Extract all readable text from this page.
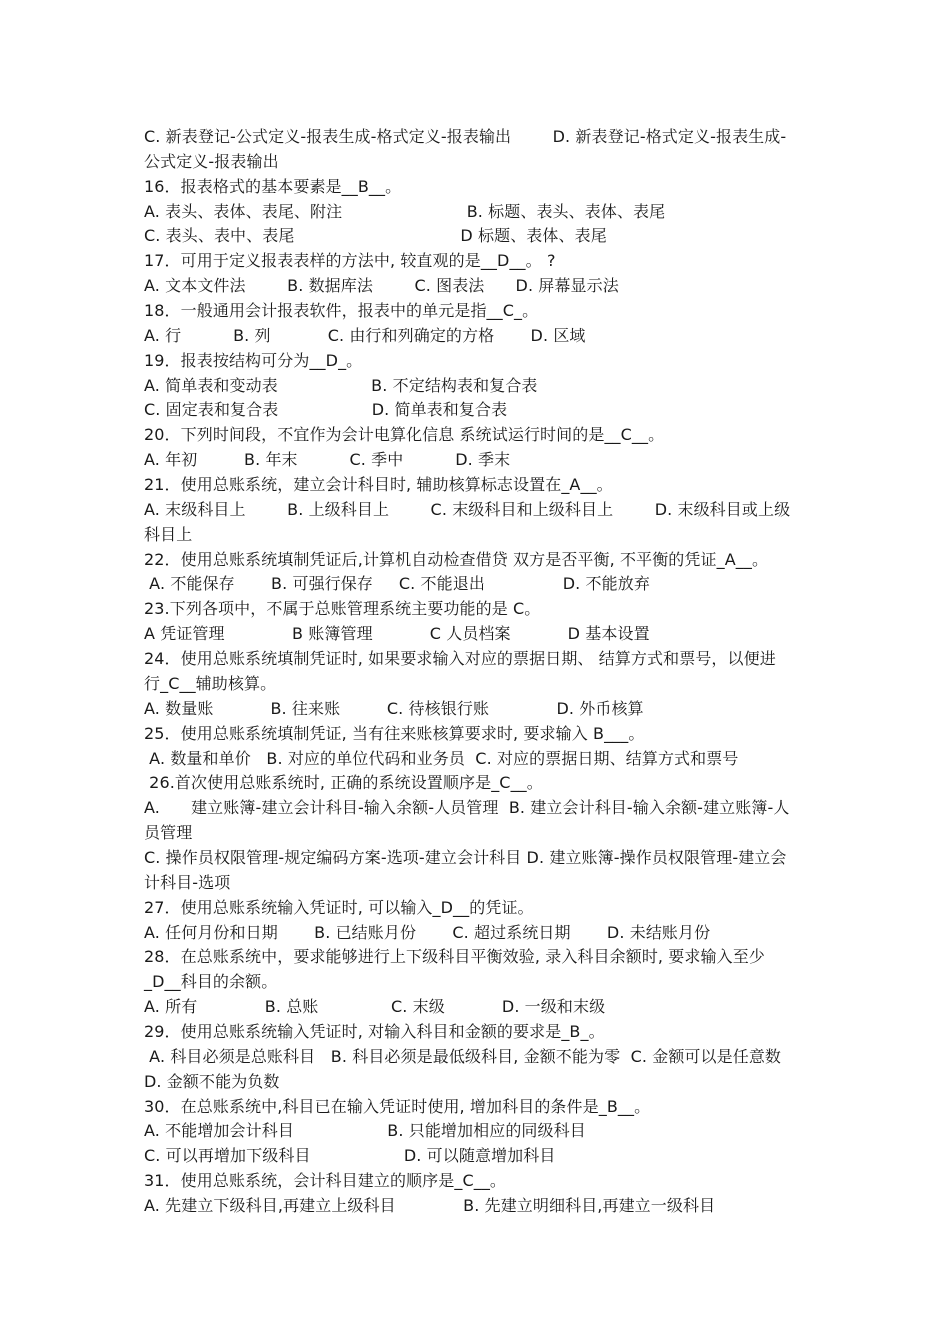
C. 新表登记-公式定义-报表生成-格式定义-报表输出        D. 新表登记-格式定义-报表生成-
公式定义-报表输出
16．报表格式的基本要素是__B__。
A. 表头、表体、表尾、附注                        B. 标题、表头、表体、表尾
C. 表头、表中、表尾                                D 标题、表体、表尾
17．可用于定义报表表样的方法中, 较直观的是__D__。 ?
A. 文本文件法        B. 数据库法        C. 图表法      D. 屏幕显示法
18．一般通用会计报表软件，报表中的单元是指__C_。
A. 行          B. 列           C. 由行和列确定的方格       D. 区域
19．报表按结构可分为__D_。
A. 简单表和变动表                  B. 不定结构表和复合表
C. 固定表和复合表                  D. 简单表和复合表
20．下列时间段，不宜作为会计电算化信息 系统试运行时间的是__C__。
A. 年初         B. 年末          C. 季中          D. 季末
21．使用总账系统，建立会计科目时, 辅助核算标志设置在_A__。
A. 末级科目上        B. 上级科目上        C. 末级科目和上级科目上        D. 末级科目或上级
科目上
22．使用总账系统填制凭证后,计算机自动检查借贷 双方是否平衡, 不平衡的凭证_A__。
A. 不能保存       B. 可强行保存     C. 不能退出               D. 不能放弃
23.下列各项中，不属于总账管理系统主要功能的是 C。
A 凭证管理             B 账簿管理           C 人员档案           D 基本设置
24．使用总账系统填制凭证时, 如果要求输入对应的票据日期、 结算方式和票号，以便进
行_C__辅助核算。
A. 数量账           B. 往来账         C. 待核银行账             D. 外币核算
25．使用总账系统填制凭证, 当有往来账核算要求时, 要求输入 B___。
A. 数量和单价   B. 对应的单位代码和业务员  C. 对应的票据日期、结算方式和票号
26.首次使用总账系统时, 正确的系统设置顺序是_C__。
A.      建立账簿-建立会计科目-输入余额-人员管理  B. 建立会计科目-输入余额-建立账簿-人
员管理
C. 操作员权限管理-规定编码方案-选项-建立会计科目 D. 建立账簿-操作员权限管理-建立会
计科目-选项
27．使用总账系统输入凭证时, 可以输入_D__的凭证。
A. 任何月份和日期       B. 已结账月份       C. 超过系统日期       D. 未结账月份
28．在总账系统中，要求能够进行上下级科目平衡效验, 录入科目余额时, 要求输入至少
_D__科目的余额。
A. 所有             B. 总账              C. 末级           D. 一级和末级
29．使用总账系统输入凭证时, 对输入科目和金额的要求是_B_。
A. 科目必须是总账科目   B. 科目必须是最低级科目, 金额不能为零  C. 金额可以是任意数
D. 金额不能为负数
30．在总账系统中,科目已在输入凭证时使用, 增加科目的条件是_B__。
A. 不能增加会计科目                  B. 只能增加相应的同级科目
C. 可以再增加下级科目                  D. 可以随意增加科目
31．使用总账系统，会计科目建立的顺序是_C__。
A. 先建立下级科目,再建立上级科目             B. 先建立明细科目,再建立一级科目
